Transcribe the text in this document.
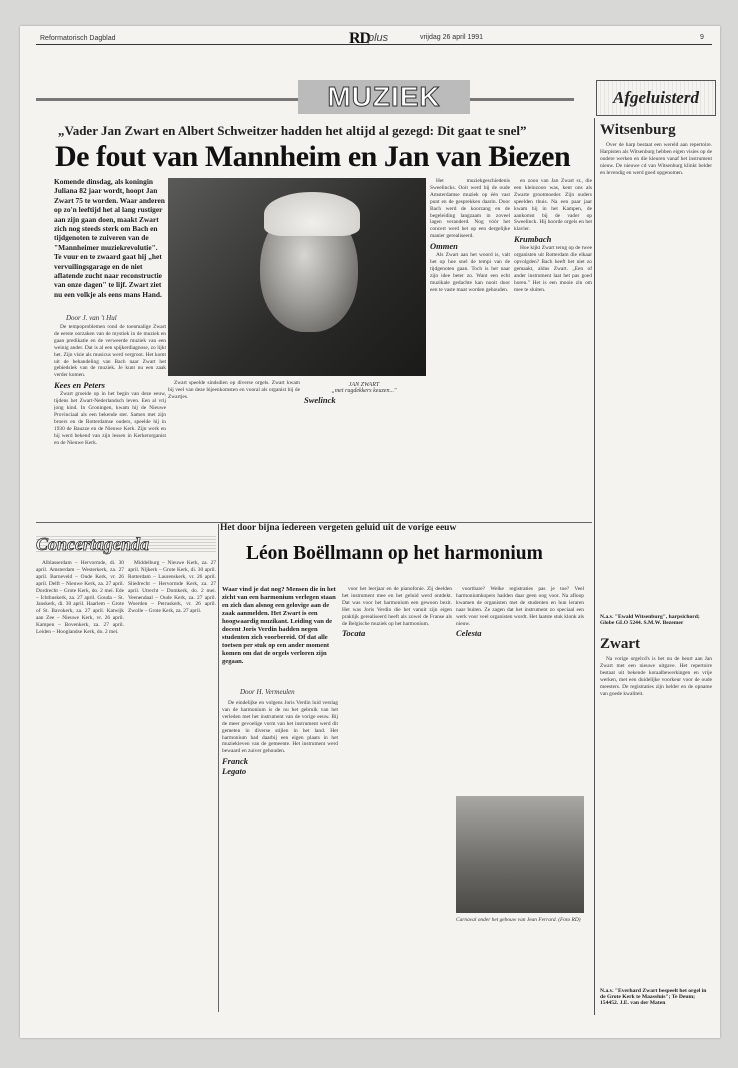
Reformatorisch Dagblad	RD
plus	vrijdag 26 april 1991	9
MUZIEK	Afgeluisterd
„Vader Jan Zwart en Albert Schweitzer hadden het altijd al gezegd: Dit gaat te snel”
De fout van Mannheim en Jan van Biezen
Komende dinsdag, als koningin Juliana 82 jaar wordt, hoopt Jan Zwart 75 te worden. Waar anderen op zo'n leeftijd het al lang rustiger aan zijn gaan doen, maakt Zwart zich nog steeds sterk om Bach en tijdgenoten te zuiveren van de "Mannheimer muziekrevolutie". Te vuur en te zwaard gaat hij „het vervuilingsgarage en de niet aflatende zucht naar reconstructie van onze dagen" te lijf. Zwart ziet nu een volkje als eens mans Hand.
Door J. van 't Hul

De tempoproblemen rond de toenmalige Zwart de eerste oorzaken van de mystiek in de muziek en gaan predikatie en de verweerde muziek van een weinig ander. Dat is al een spijkerdiagnose, zo lijkt het. Zijn visie als musicus werd vergroot. Het komt uit de behandeling van Bach naar Zwart het gebiedslek van de muziek. Je kunt nu een zaak verder komen.

Kees en Peters

Zwart groeide op in het begin van deze eeuw, tijdens het Zwart-Nederlandsch leven. Een al vrij jong kind. In Groningen, kwam hij de Nieuwe Provinciaal als een bekende ster. Samen met zijn broers en de Rotterdamse ouders, speelde hij in 1930 de Bauzze en de Nieuwe Kerk. Zijn werk en hij werd bekend van zijn lessen in Kerkerorganist en de Nieuwe Kerk.

JAN ZWART
„met rugdekkers keuzen..."

Zwart speelde sindsdien op diverse orgels. Zwart kwam bij veel van deze bijeenkomsten en vooral als organist bij de Zwartjes.	Swelinck

Het muziekgeschiedenis Sweelincks. Ooit werd bij de oude Amsterdamse muziek op één vast punt en de gesprekken daarin. Door Bach werd de koorzang en de begeleiding langzaam in zoveel lagen veranderd. Nog vóór het concert werd het op een dergelijke manier gerealiseerd.

Ommen

Als Zwart aan het woord is, valt het op hoe snel de tempi van de tijdgenoten gaan. Toch is het naar zijn idee beter zo. Want een echt muzikale gedachte kan nooit door een te vaste maat worden gehouden.

en zoon van Jan Zwart sr., die een kleinzoon was, kent ons als Zwarte grootmoeder. Zijn ouders speelden thuis. Na een paar jaar kwam hij in het Kampen, de aankomst bij de vader op Sweelinck. Hij hoorde orgels en het klavier.

Krumbach

Hoe kijkt Zwart terug op de twee organisten uit Rotterdam die elkaar opvolgden? Bach heeft het niet zo gemaakt, aldus Zwart. „Een of ander instrument laat het pas goed horen." Het is een mooie zin om mee te sluiten.

Concertagenda

Alblasserdam – Hervormde, di. 30 april. Amsterdam – Westerkerk, za. 27 april. Barneveld – Oude Kerk, vr. 26 april. Delft – Nieuwe Kerk, za. 27 april. Dordrecht – Grote Kerk, do. 2 mei. Ede – Ichthuskerk, za. 27 april. Gouda – St. Janskerk, di. 30 april. Haarlem – Grote of St. Bavokerk, za. 27 april. Katwijk aan Zee – Nieuwe Kerk, vr. 26 april. Kampen – Bovenkerk, za. 27 april. Leiden – Hooglandse Kerk, do. 2 mei.

Middelburg – Nieuwe Kerk, za. 27 april. Nijkerk – Grote Kerk, di. 30 april. Rotterdam – Laurenskerk, vr. 26 april. Sliedrecht – Hervormde Kerk, za. 27 april. Utrecht – Domkerk, do. 2 mei. Veenendaal – Oude Kerk, za. 27 april. Woerden – Petruskerk, vr. 26 april. Zwolle – Grote Kerk, za. 27 april.

Het door bijna iedereen vergeten geluid uit de vorige eeuw
Léon Boëllmann op het harmonium
Waar vind je dat nog? Mensen die in het zicht van een harmonium verlegen staan en zich dan alsnog een gelovige aan de zaak aanmelden. Het Zwart is een hoogwaardig muzikant. Leiding van de docent Joris Verdin hadden negen studenten zich voorbereid. Of dat alle toetsen per stuk op een ander moment komen om dat de orgels verloren zijn gegaan.
Door H. Vermeulen

De eindelijke en volgens Joris Verdin luid verslag van de harmonium is de nu het gebruik van het verleden met het instrument van de vorige eeuw. Bij de meer gevoelige vorm van het instrument werd dit gemeten in diverse stijlen in het land. Het harmonium had daarbij een eigen plaats in het muziekleven van de gemeente. Het instrument werd bewaard en zuiver gehouden.

Franck
Legato

voor het leerjaar en de pianofonie. Zij deelden het instrument mee en het geluid werd ontdekt. Dat was voor het harmonium een gewoon bezit. Het was Joris Verdin die het vanuit zijn eigen praktijk gerealiseerd heeft als zowel de Franse als de Belgische muziek op het harmonium.

Tocata

voortbare? Welke registraties pas je toe? Veel harmoniumkopers hadden daar geen oog voor. Na afloop kwamen de organisten met de studenten en hun leraren naar buiten. Ze zagen dat het instrument zo speciaal een werk voor veel organisten wordt. Het laatste stuk klonk als nieuw.

Celesta
Carnaval onder het gebouw van Jean Ferrard. (Foto RD)
Witsenburg

Over de harp bestaat een wereld aan repertoire. Harpisten als Witsenburg hebben eigen visies op de oudere werken en die kleuren vanaf het instrument nieuw. De nieuwe cd van Witsenburg klinkt helder en levendig en werd goed opgenomen.

N.a.v. "Ewald Witsenburg", harpsichord; Globe GLO 5244. S.M.W. Bezemer
Zwart

Na vorige orgelcd's is het nu de beurt aan Jan Zwart met een nieuwe uitgave. Het repertoire bestaat uit bekende koraalbewerkingen en vrije werken, met een duidelijke voorkeur voor de oude meesters. De registraties zijn helder en de opname van goede kwaliteit.

N.a.v. "Everhard Zwart bespeelt het orgel in de Grote Kerk te Maassluis"; Te Deum; 154452. J.E. van der Maten
